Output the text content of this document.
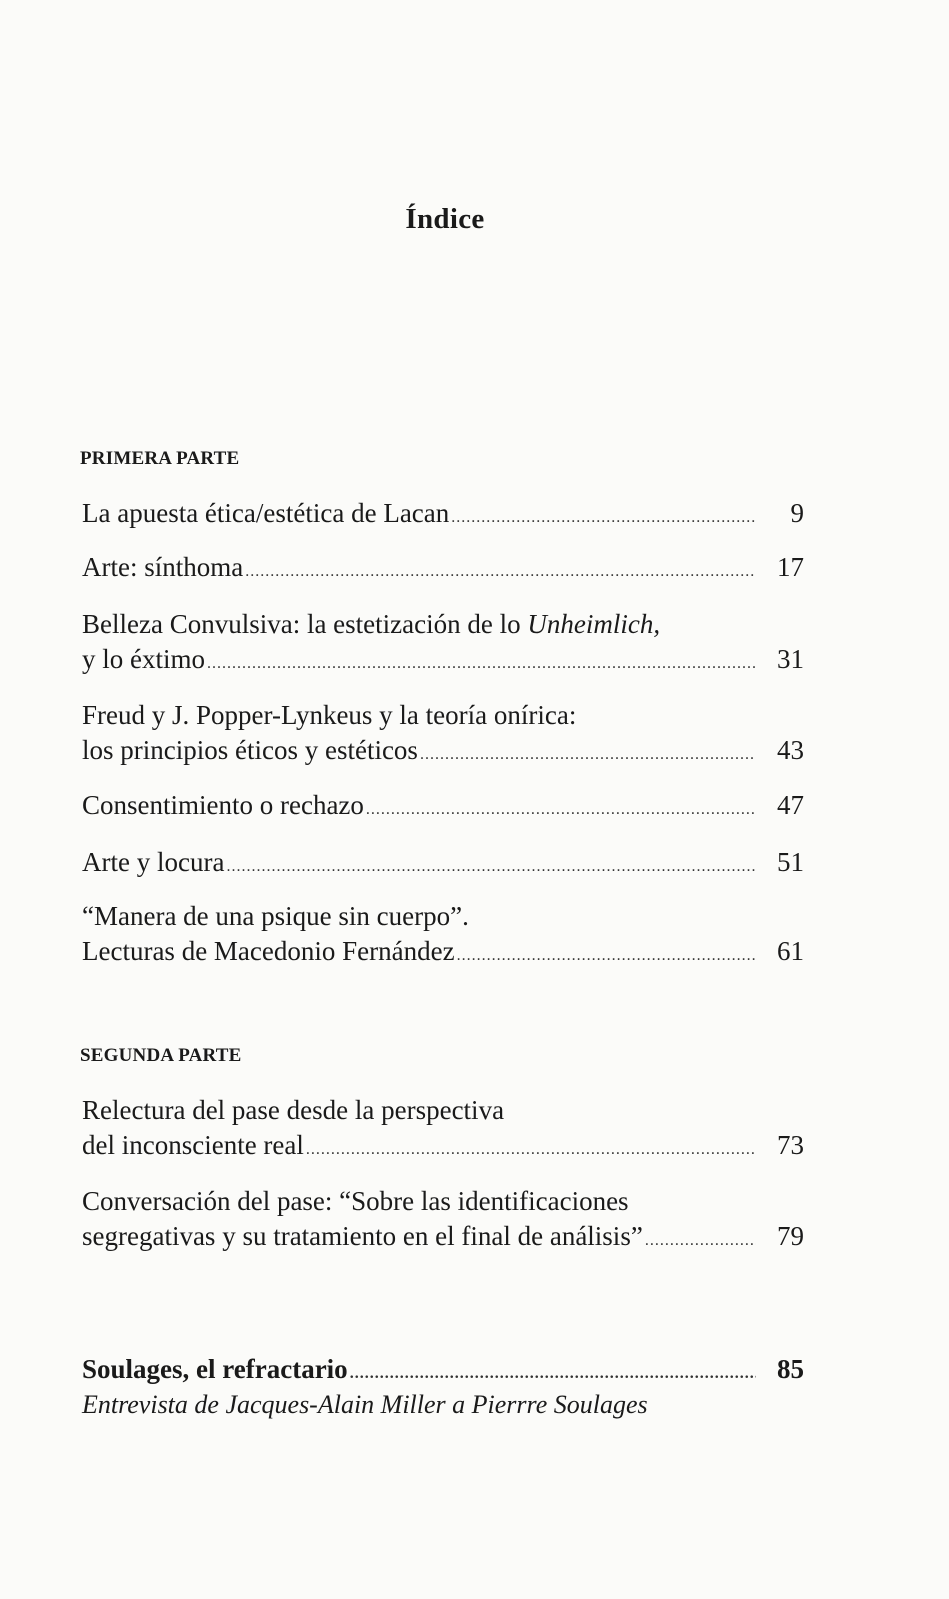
Índice
PRIMERA PARTE
La apuesta ética/estética de Lacan .....	9
Arte: sínthoma .....	17
Belleza Convulsiva: la estetización de lo Unheimlich,
y lo éxtimo .....	31
Freud y J. Popper-Lynkeus y la teoría onírica:
los principios éticos y estéticos .....	43
Consentimiento o rechazo .....	47
Arte y locura .....	51
“Manera de una psique sin cuerpo”.
Lecturas de Macedonio Fernández .....	61
SEGUNDA PARTE
Relectura del pase desde la perspectiva
del inconsciente real .....	73
Conversación del pase: “Sobre las identificaciones
segregativas y su tratamiento en el final de análisis” .....	79
Soulages, el refractario .....	85
Entrevista de Jacques-Alain Miller a Pierrre Soulages
